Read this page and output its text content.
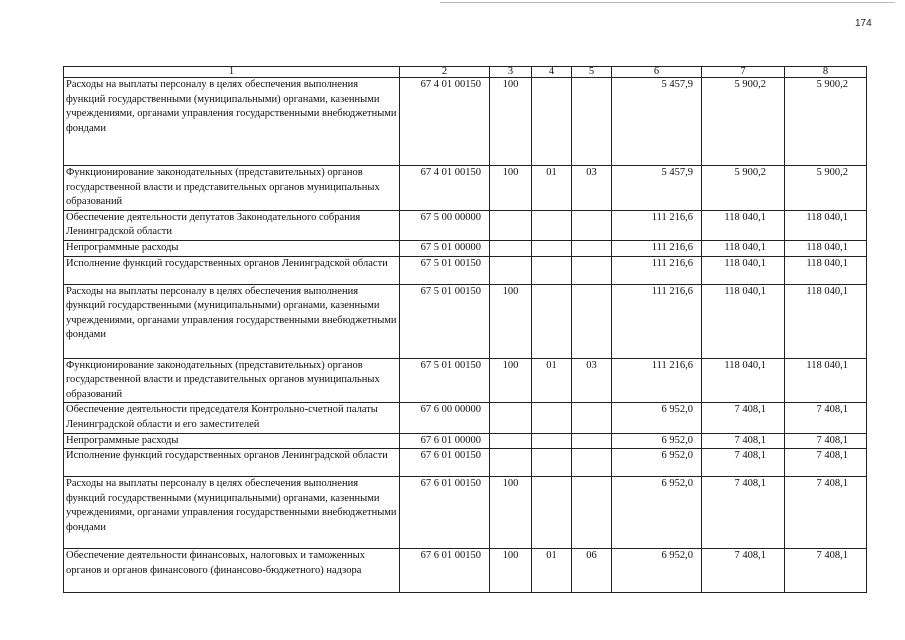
174
1	2	3	4	5	6	7	8
Расходы на выплаты персоналу в целях обеспечения выполнения функций государственными (муниципальными) органами, казенными учреждениями, органами управления государственными внебюджетными фондами	67 4 01 00150	100			5 457,9	5 900,2	5 900,2
Функционирование законодательных (представительных) органов государственной власти и представительных органов муниципальных образований	67 4 01 00150	100	01	03	5 457,9	5 900,2	5 900,2
Обеспечение деятельности депутатов Законодательного собрания Ленинградской области	67 5 00 00000				111 216,6	118 040,1	118 040,1
Непрограммные расходы	67 5 01 00000				111 216,6	118 040,1	118 040,1
Исполнение функций государственных органов Ленинградской области	67 5 01 00150				111 216,6	118 040,1	118 040,1
Расходы на выплаты персоналу в целях обеспечения выполнения функций государственными (муниципальными) органами, казенными учреждениями, органами управления государственными внебюджетными фондами	67 5 01 00150	100			111 216,6	118 040,1	118 040,1
Функционирование законодательных (представительных) органов государственной власти и представительных органов муниципальных образований	67 5 01 00150	100	01	03	111 216,6	118 040,1	118 040,1
Обеспечение деятельности председателя Контрольно-счетной палаты Ленинградской области и его заместителей	67 6 00 00000				6 952,0	7 408,1	7 408,1
Непрограммные расходы	67 6 01 00000				6 952,0	7 408,1	7 408,1
Исполнение функций государственных органов Ленинградской области	67 6 01 00150				6 952,0	7 408,1	7 408,1
Расходы на выплаты персоналу в целях обеспечения выполнения функций государственными (муниципальными) органами, казенными учреждениями, органами управления государственными внебюджетными фондами	67 6 01 00150	100			6 952,0	7 408,1	7 408,1
Обеспечение деятельности финансовых, налоговых и таможенных органов и органов финансового (финансово-бюджетного) надзора	67 6 01 00150	100	01	06	6 952,0	7 408,1	7 408,1
